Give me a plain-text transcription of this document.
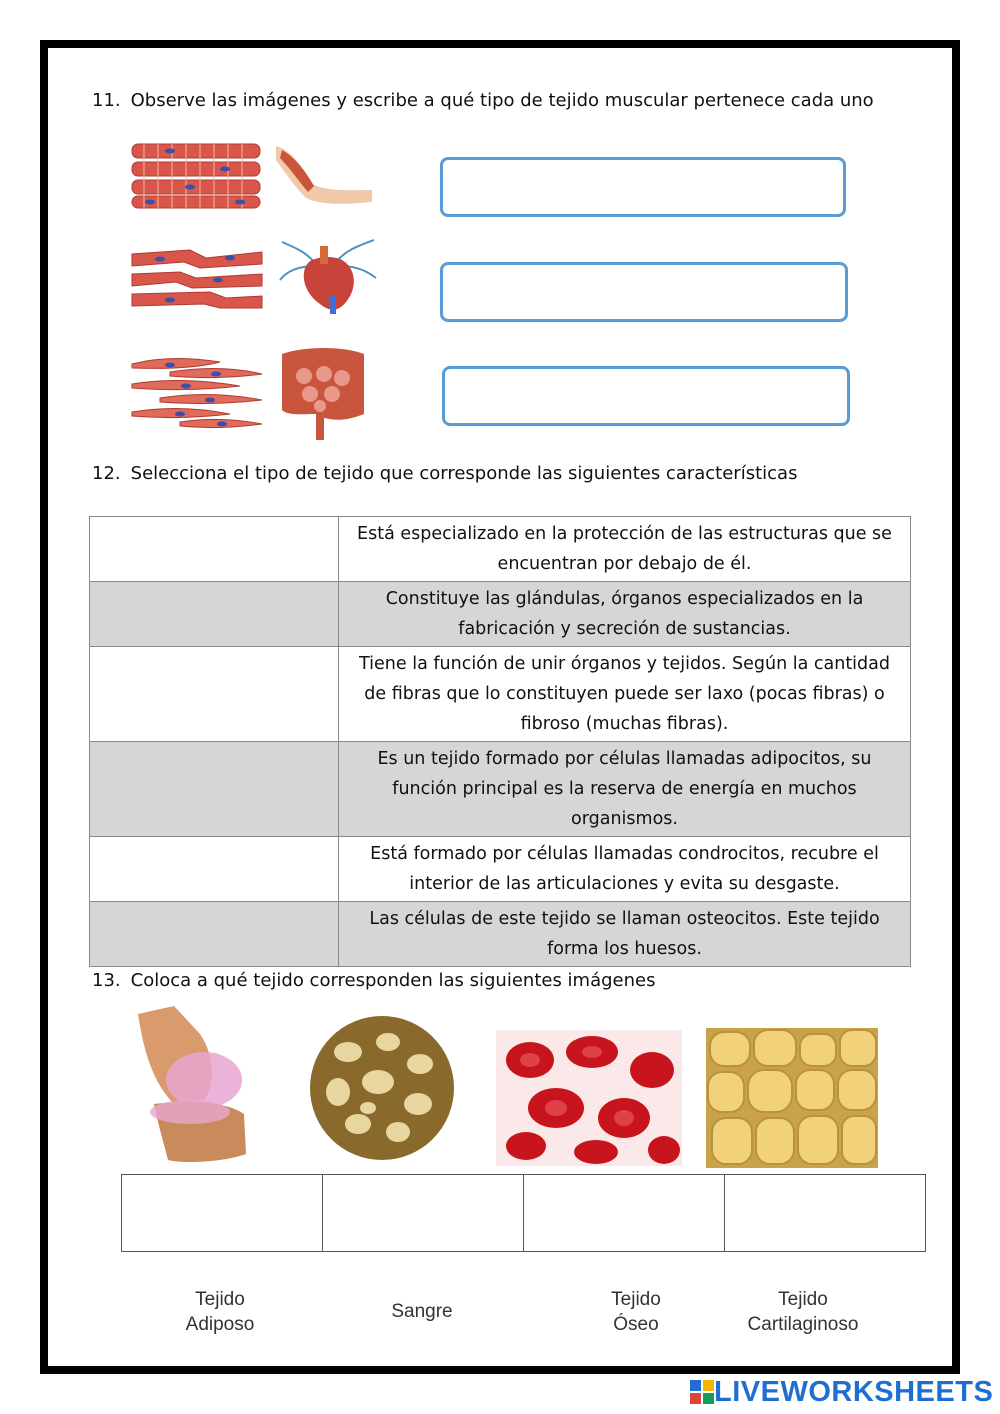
11. Observe las imágenes y escribe a qué tipo de tejido muscular pertenece cada uno
12. Selecciona el tipo de tejido que corresponde las siguientes características
	Está especializado en la protección de las estructuras que se encuentran por debajo de él.
	Constituye las glándulas, órganos especializados en la fabricación y secreción de sustancias.
	Tiene la función de unir órganos y tejidos. Según la cantidad de fibras que lo constituyen puede ser laxo (pocas fibras) o fibroso (muchas fibras).
	Es un tejido formado por células llamadas adipocitos, su función principal es la reserva de energía en muchos organismos.
	Está formado por células llamadas condrocitos, recubre el interior de las articulaciones y evita su desgaste.
	Las células de este tejido se llaman osteocitos. Este tejido forma los huesos.
13. Coloca a qué tejido corresponden las siguientes imágenes
Tejido
Adiposo
Sangre
Tejido
Óseo
Tejido
Cartilaginoso
LIVEWORKSHEETS
